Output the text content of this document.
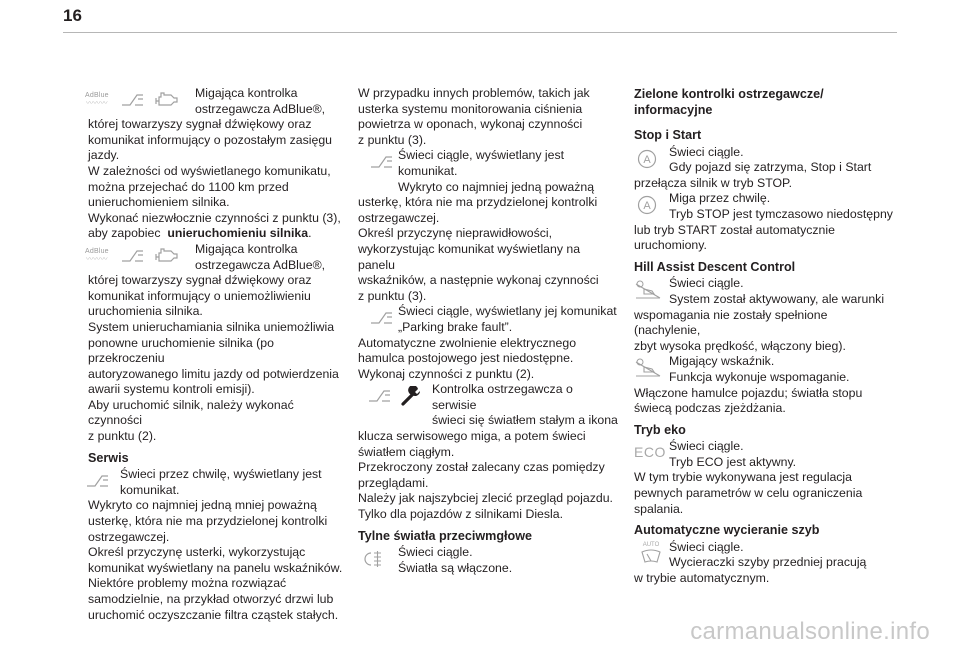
16
AdBlue
〰〰〰

Migająca kontrolka

ostrzegawcza AdBlue®,

której towarzyszy sygnał dźwiękowy oraz

komunikat informujący o pozostałym zasięgu

jazdy.

W zależności od wyświetlanego komunikatu,

można przejechać do 1100 km przed

unieruchomieniem silnika.

Wykonać niezwłocznie czynności z punktu (3),

aby zapobiec  unieruchomieniu silnika.

AdBlue
〰〰〰

Migająca kontrolka

ostrzegawcza AdBlue®,

której towarzyszy sygnał dźwiękowy oraz

komunikat informujący o uniemożliwieniu

uruchomienia silnika.

System unieruchamiania silnika uniemożliwia

ponowne uruchomienie silnika (po przekroczeniu

autoryzowanego limitu jazdy od potwierdzenia

awarii systemu kontroli emisji).

Aby uruchomić silnik, należy wykonać czynności

z punktu (2).

Serwis

Świeci przez chwilę, wyświetlany jest

komunikat.

Wykryto co najmniej jedną mniej poważną

usterkę, która nie ma przydzielonej kontrolki

ostrzegawczej.

Określ przyczynę usterki, wykorzystując

komunikat wyświetlany na panelu wskaźników.

Niektóre problemy można rozwiązać

samodzielnie, na przykład otworzyć drzwi lub

uruchomić oczyszczanie filtra cząstek stałych.

W przypadku innych problemów, takich jak

usterka systemu monitorowania ciśnienia

powietrza w oponach, wykonaj czynności

z punktu (3).

Świeci ciągle, wyświetlany jest komunikat.

Wykryto co najmniej jedną poważną

usterkę, która nie ma przydzielonej kontrolki

ostrzegawczej.

Określ przyczynę nieprawidłowości,

wykorzystując komunikat wyświetlany na panelu

wskaźników, a następnie wykonaj czynności

z punktu (3).

Świeci ciągle, wyświetlany jej komunikat

„Parking brake fault”.

Automatyczne zwolnienie elektrycznego

hamulca postojowego jest niedostępne.

Wykonaj czynności z punktu (2).

Kontrolka ostrzegawcza o serwisie

świeci się światłem stałym a ikona

klucza serwisowego miga, a potem świeci

światłem ciągłym.

Przekroczony został zalecany czas pomiędzy

przeglądami.

Należy jak najszybciej zlecić przegląd pojazdu.

Tylko dla pojazdów z silnikami Diesla.

Tylne światła przeciwmgłowe

Świeci ciągle.

Światła są włączone.

Zielone kontrolki ostrzegawcze/
informacyjne
Stop i Start
A

Świeci ciągle.

Gdy pojazd się zatrzyma, Stop i Start

przełącza silnik w tryb STOP.

A

Miga przez chwilę.

Tryb STOP jest tymczasowo niedostępny

lub tryb START został automatycznie

uruchomiony.

Hill Assist Descent Control

Świeci ciągle.

System został aktywowany, ale warunki

wspomagania nie zostały spełnione (nachylenie,

zbyt wysoka prędkość, włączony bieg).

Migający wskaźnik.

Funkcja wykonuje wspomaganie.

Włączone hamulce pojazdu; światła stopu

świecą podczas zjeżdżania.

Tryb eko
ECO Świeci ciągle.

Tryb ECO jest aktywny.

W tym trybie wykonywana jest regulacja

pewnych parametrów w celu ograniczenia

spalania.

Automatyczne wycieranie szyb
AUTO Świeci ciągle.

Wycieraczki szyby przedniej pracują

w trybie automatycznym.

carmanualsonline.info
